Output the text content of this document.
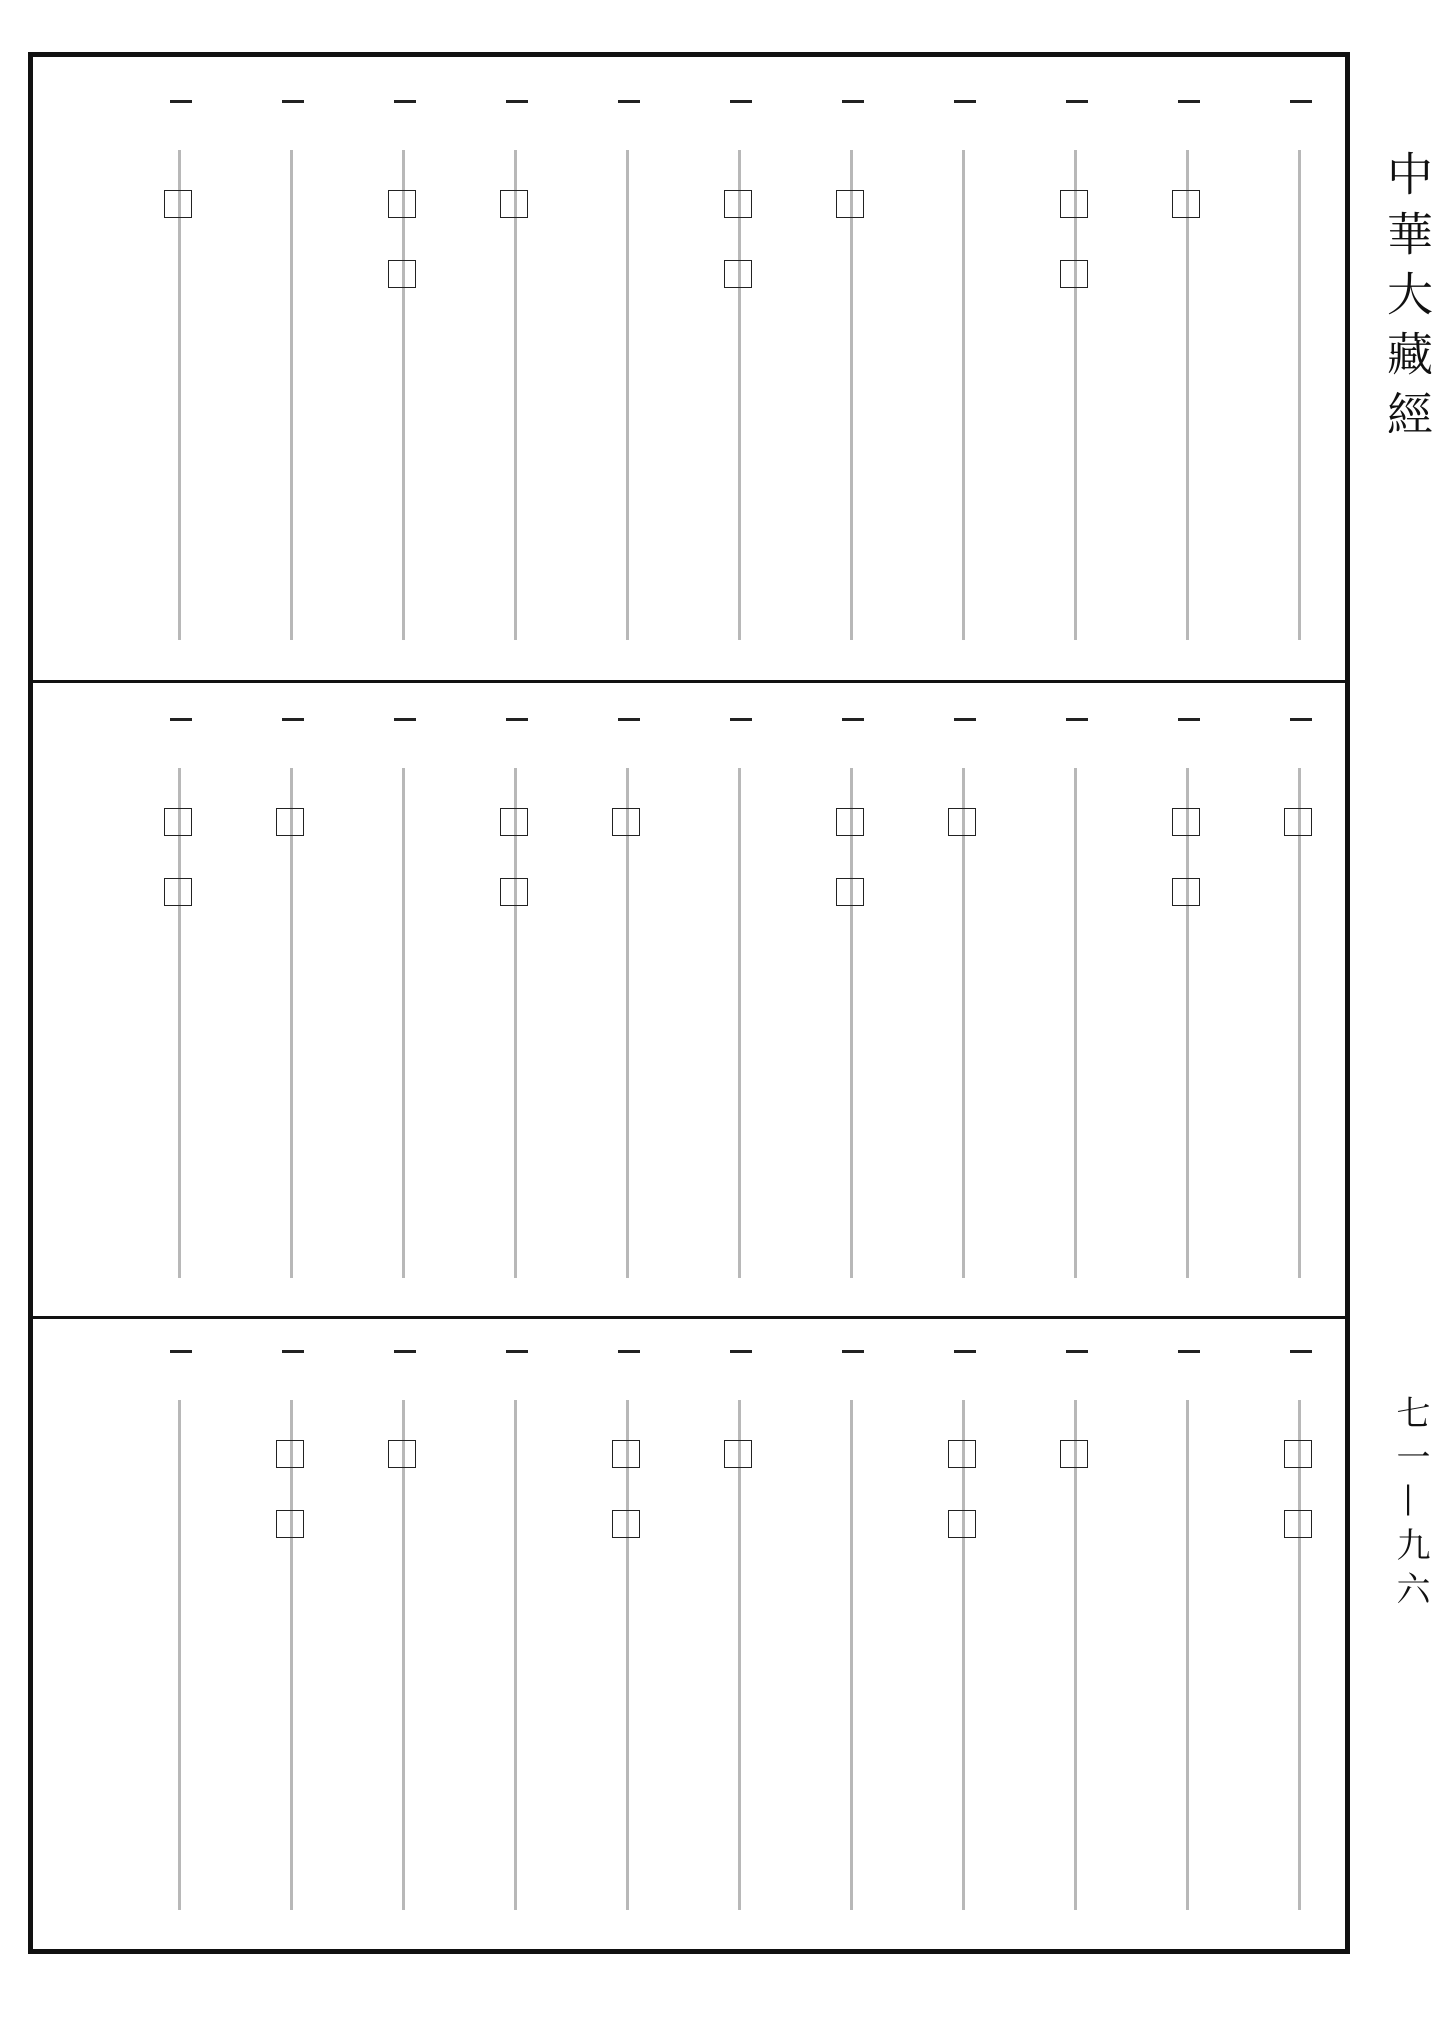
中華大藏經
七一—九六
